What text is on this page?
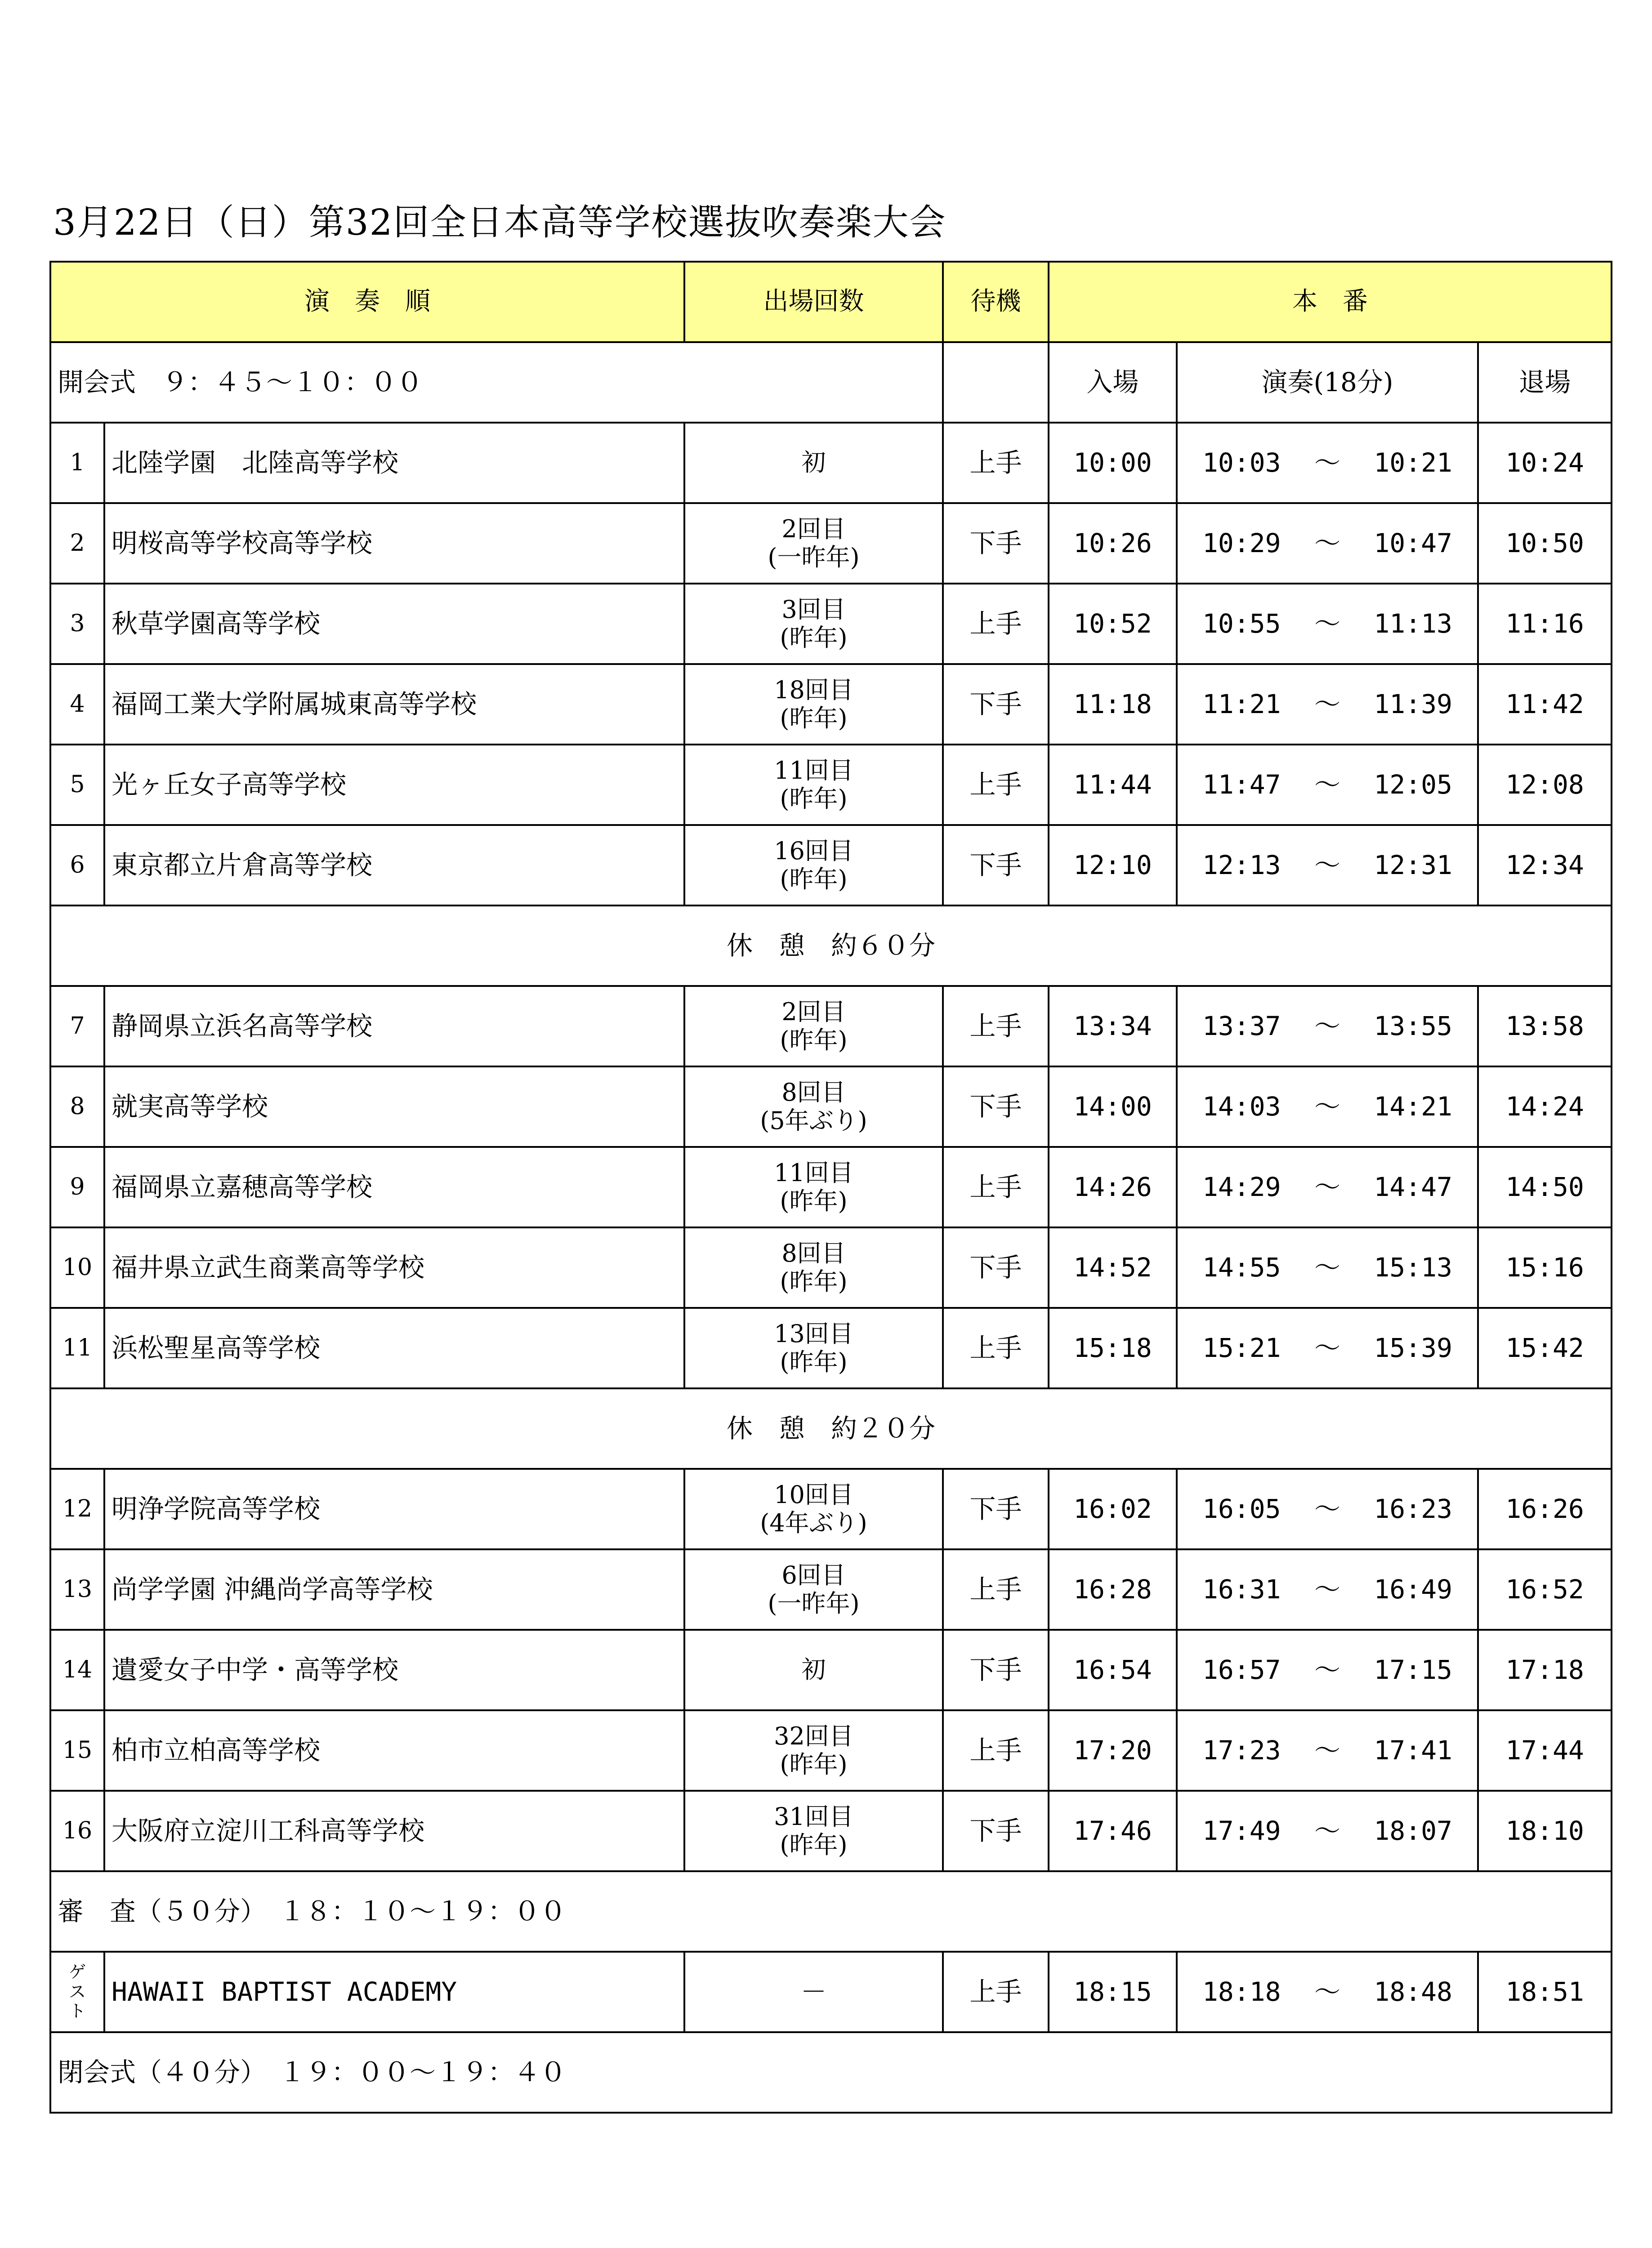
3月22日（日）第32回全日本高等学校選抜吹奏楽大会
演　奏　順		出場回数	待機	本　番		
開会式　９：４５～１０：００				入場	演奏(18分)	退場
1	北陸学園　北陸高等学校	初	上手	10:00	10:03 ～ 10:21	10:24
2	明桜高等学校高等学校	2回目
(一昨年)	下手	10:26	10:29 ～ 10:47	10:50
3	秋草学園高等学校	3回目
(昨年)	上手	10:52	10:55 ～ 11:13	11:16
4	福岡工業大学附属城東高等学校	18回目
(昨年)	下手	11:18	11:21 ～ 11:39	11:42
5	光ヶ丘女子高等学校	11回目
(昨年)	上手	11:44	11:47 ～ 12:05	12:08
6	東京都立片倉高等学校	16回目
(昨年)	下手	12:10	12:13 ～ 12:31	12:34
休　憩　約６０分						
7	静岡県立浜名高等学校	2回目
(昨年)	上手	13:34	13:37 ～ 13:55	13:58
8	就実高等学校	8回目
(5年ぶり)	下手	14:00	14:03 ～ 14:21	14:24
9	福岡県立嘉穂高等学校	11回目
(昨年)	上手	14:26	14:29 ～ 14:47	14:50
10	福井県立武生商業高等学校	8回目
(昨年)	下手	14:52	14:55 ～ 15:13	15:16
11	浜松聖星高等学校	13回目
(昨年)	上手	15:18	15:21 ～ 15:39	15:42
休　憩　約２０分						
12	明浄学院高等学校	10回目
(4年ぶり)	下手	16:02	16:05 ～ 16:23	16:26
13	尚学学園 沖縄尚学高等学校	6回目
(一昨年)	上手	16:28	16:31 ～ 16:49	16:52
14	遺愛女子中学・高等学校	初	下手	16:54	16:57 ～ 17:15	17:18
15	柏市立柏高等学校	32回目
(昨年)	上手	17:20	17:23 ～ 17:41	17:44
16	大阪府立淀川工科高等学校	31回目
(昨年)	下手	17:46	17:49 ～ 18:07	18:10
審　査（５０分）　１８：１０～１９：００						
ゲ
ス
ト	HAWAII BAPTIST ACADEMY	－	上手	18:15	18:18 ～ 18:48	18:51
閉会式（４０分）　１９：００～１９：４０						
